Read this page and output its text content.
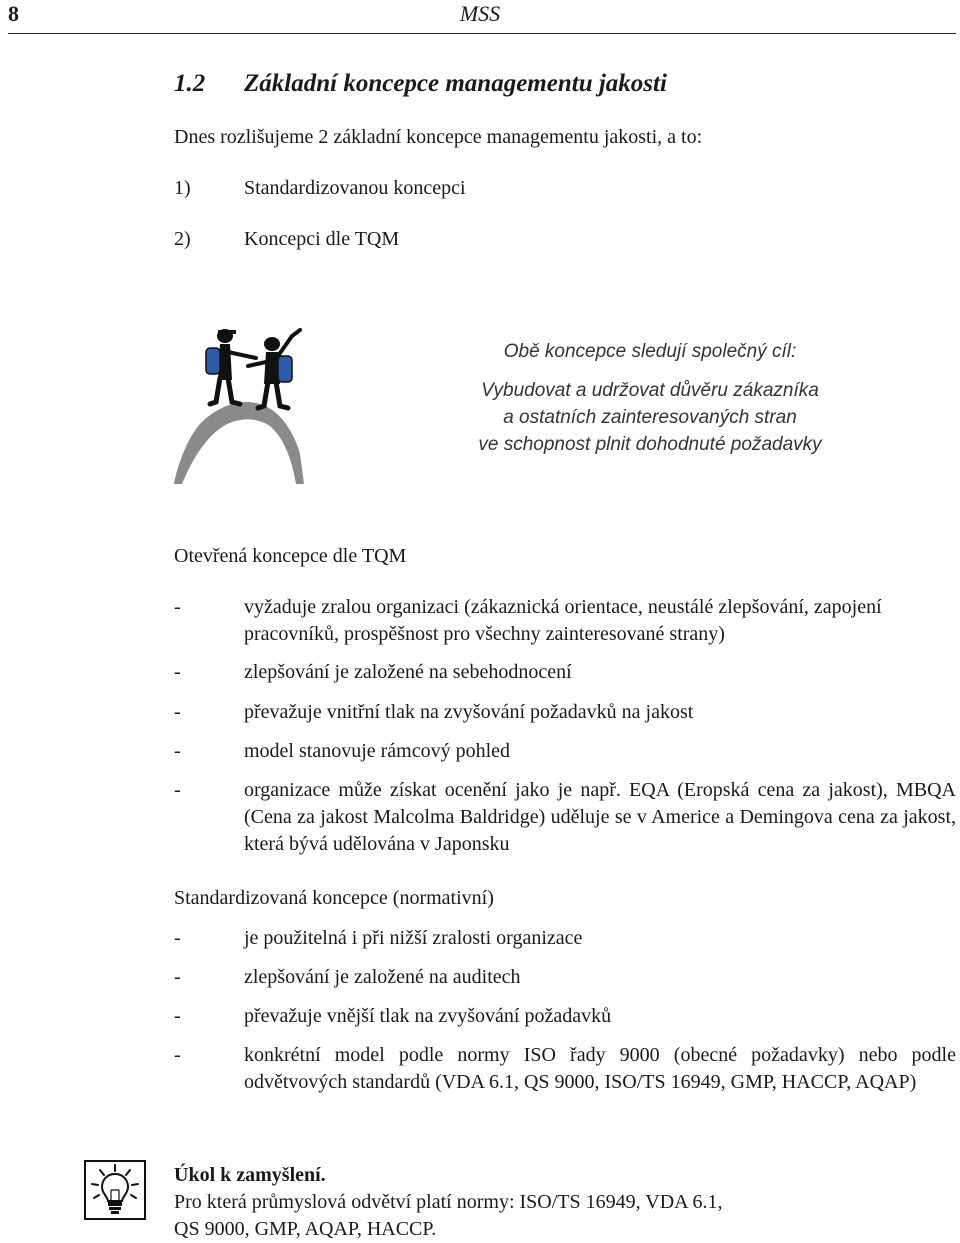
8	MSS
1.2 Základní koncepce managementu jakosti
Dnes rozlišujeme 2 základní koncepce managementu jakosti, a to:
1)	Standardizovanou koncepci
2)	Koncepci dle TQM
Obě koncepce sledují společný cíl:
Vybudovat a udržovat důvěru zákazníka
a ostatních zainteresovaných stran
ve schopnost plnit dohodnuté požadavky
Otevřená koncepce dle TQM
-	vyžaduje zralou organizaci (zákaznická orientace, neustálé zlepšování, zapojení pracovníků, prospěšnost pro všechny zainteresované strany)
-	zlepšování je založené na sebehodnocení
-	převažuje vnitřní tlak na zvyšování požadavků na jakost
-	model stanovuje rámcový pohled
-	organizace může získat ocenění jako je např. EQA (Eropská cena za jakost), MBQA (Cena za jakost Malcolma Baldridge) uděluje se v Americe a Demingova cena za jakost, která bývá udělována v Japonsku
Standardizovaná koncepce (normativní)
-	je použitelná i při nižší zralosti organizace
-	zlepšování je založené na auditech
-	převažuje vnější tlak na zvyšování požadavků
-	konkrétní model podle normy ISO řady 9000 (obecné požadavky) nebo podle odvětvových standardů (VDA 6.1, QS 9000, ISO/TS 16949, GMP, HACCP, AQAP)
Úkol k zamyšlení.
Pro která průmyslová odvětví platí normy: ISO/TS 16949, VDA 6.1,
QS 9000, GMP, AQAP, HACCP.
